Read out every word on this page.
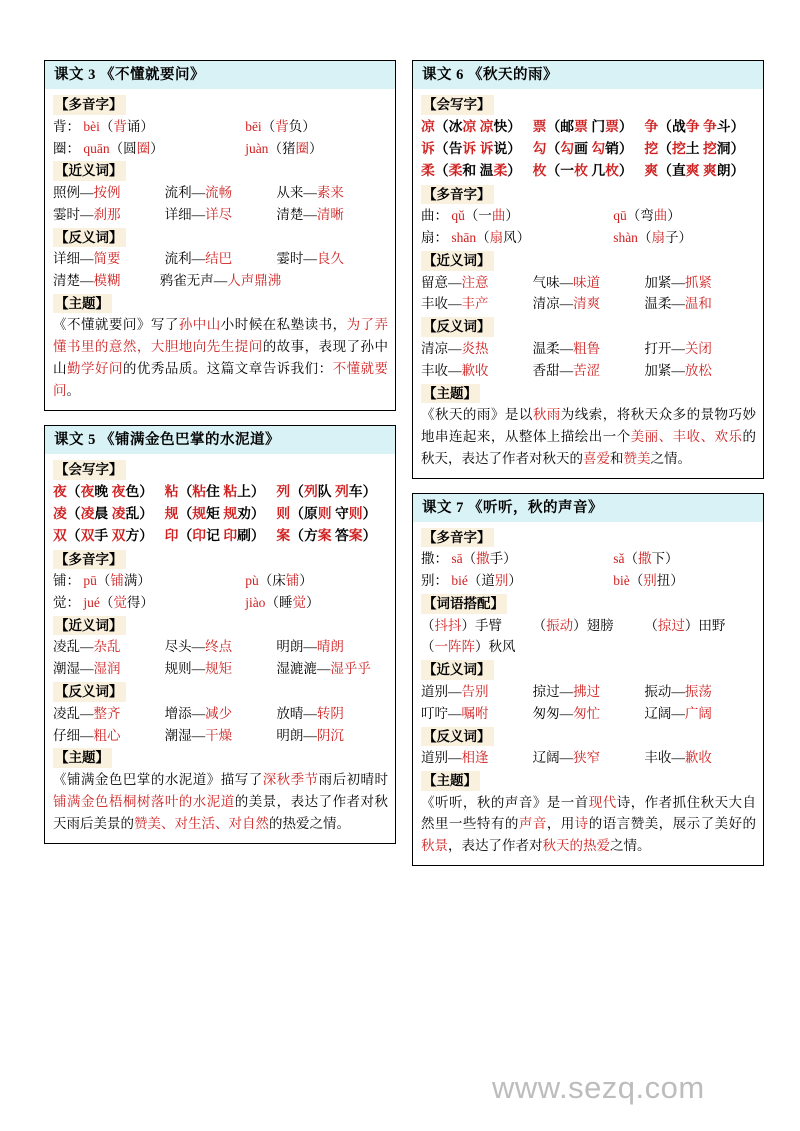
课文 3 《不懂就要问》
【多音字】
背： bèi（背诵）	bēi（背负）
圈： quān（圆圈）	juàn（猪圈）
【近义词】
照例—按例	流利—流畅	从来—素来
霎时—刹那	详细—详尽	清楚—清晰
【反义词】
详细—简要	流利—结巴	霎时—良久
清楚—模糊	鸦雀无声—人声鼎沸
【主题】
《不懂就要问》写了孙中山小时候在私塾读书，为了弄懂书里的意然，大胆地向先生提问的故事，表现了孙中山勤学好问的优秀品质。这篇文章告诉我们：不懂就要问。
课文 5 《铺满金色巴掌的水泥道》
【会写字】
夜（夜晚 夜色） 粘（粘住 粘上） 列（列队 列车）
凌（凌晨 凌乱） 规（规矩 规劝） 则（原则 守则）
双（双手 双方） 印（印记 印刷） 案（方案 答案）
【多音字】
铺： pū（铺满）	pù（床铺）
觉： jué（觉得）	jiào（睡觉）
【近义词】
凌乱—杂乱	尽头—终点	明朗—晴朗
潮湿—湿润	规则—规矩	湿漉漉—湿乎乎
【反义词】
凌乱—整齐	增添—减少	放晴—转阴
仔细—粗心	潮湿—干燥	明朗—阴沉
【主题】
《铺满金色巴掌的水泥道》描写了深秋季节雨后初晴时铺满金色梧桐树落叶的水泥道的美景，表达了作者对秋天雨后美景的赞美、对生活、对自然的热爱之情。
课文 6 《秋天的雨》
【会写字】
凉（冰凉 凉快） 票（邮票 门票） 争（战争 争斗）
诉（告诉 诉说） 勾（勾画 勾销） 挖（挖土 挖洞）
柔（柔和 温柔） 枚（一枚 几枚） 爽（直爽 爽朗）
【多音字】
曲： qǔ（一曲）	qū（弯曲）
扇： shān（扇风）	shàn（扇子）
【近义词】
留意—注意	气味—味道	加紧—抓紧
丰收—丰产	清凉—清爽	温柔—温和
【反义词】
清凉—炎热	温柔—粗鲁	打开—关闭
丰收—歉收	香甜—苦涩	加紧—放松
【主题】
《秋天的雨》是以秋雨为线索，将秋天众多的景物巧妙地串连起来，从整体上描绘出一个美丽、丰收、欢乐的秋天，表达了作者对秋天的喜爱和赞美之情。
课文 7 《听听，秋的声音》
【多音字】
撒： sā（撒手）	sǎ（撒下）
别： bié（道别）	biè（别扭）
【词语搭配】
（抖抖）手臂	（振动）翅膀	（掠过）田野
（一阵阵）秋风
【近义词】
道别—告别	掠过—拂过	振动—振荡
叮咛—嘱咐	匆匆—匆忙	辽阔—广阔
【反义词】
道别—相逢	辽阔—狭窄	丰收—歉收
【主题】
《听听，秋的声音》是一首现代诗，作者抓住秋天大自然里一些特有的声音，用诗的语言赞美，展示了美好的秋景，表达了作者对秋天的热爱之情。
www.sezq.com
